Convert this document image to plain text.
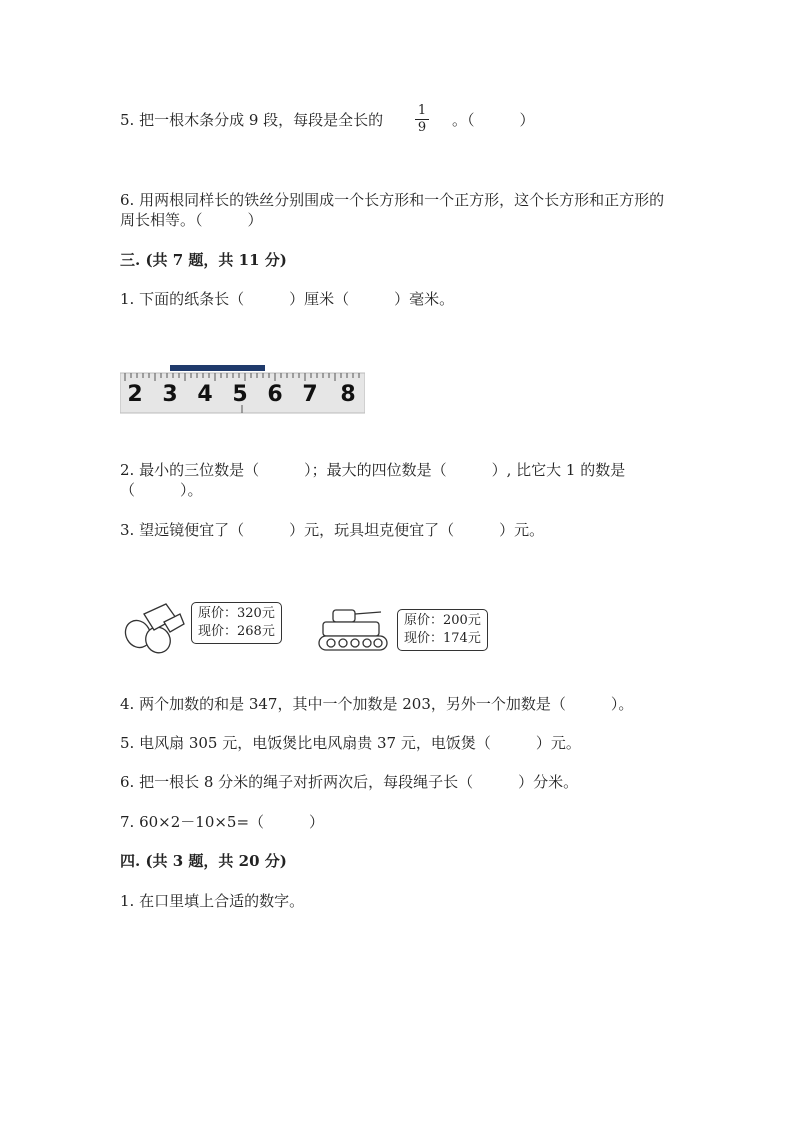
5. 把一根木条分成 9 段，每段是全长的
1
9	。（　　　）
6. 用两根同样长的铁丝分别围成一个长方形和一个正方形，这个长方形和正方形的周长相等。（　　　）
三. (共 7 题，共 11 分)
1. 下面的纸条长（　　　）厘米（　　　）毫米。
2 3 4 5 6 7 8
2. 最小的三位数是（　　　）；最大的四位数是（　　　）, 比它大 1 的数是（　　　）。
3. 望远镜便宜了（　　　）元，玩具坦克便宜了（　　　）元。
原价：320元
现价：268元
原价：200元
现价：174元
4. 两个加数的和是 347，其中一个加数是 203，另外一个加数是（　　　）。
5. 电风扇 305 元，电饭煲比电风扇贵 37 元，电饭煲（　　　）元。
6. 把一根长 8 分米的绳子对折两次后，每段绳子长（　　　）分米。
7. 60×2－10×5=（　　　）
四. (共 3 题，共 20 分)
1. 在口里填上合适的数字。
